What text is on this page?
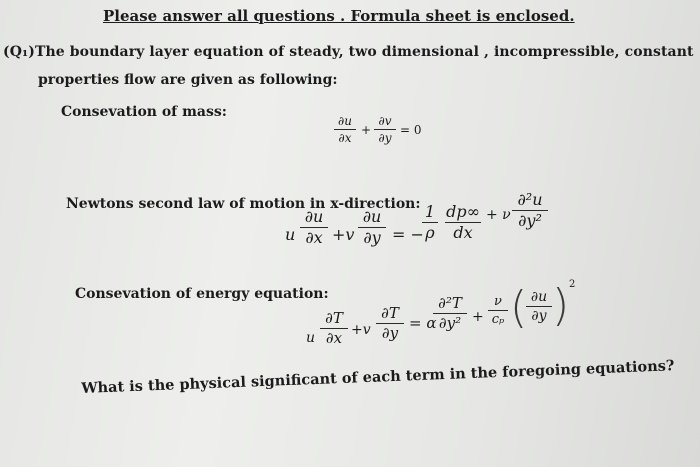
Please answer all questions . Formula sheet is enclosed.
(Q₁)The boundary layer equation of steady, two dimensional , incompressible, constant
properties flow are given as following:
Consevation of mass:
∂u
∂x
+
∂v
∂y
= 0
Newtons second law of motion in x-direction:
u
∂u
∂x +v
∂u
∂y = −
1
ρ
dp∞
dx
+ ν
∂²u
∂y²
Consevation of energy equation:
u
∂T
∂x +v
∂T
∂y
= α
∂²T
∂y² +
ν
cₚ ( ∂u
∂y ) 2
What is the physical significant of each term in the foregoing equations?
